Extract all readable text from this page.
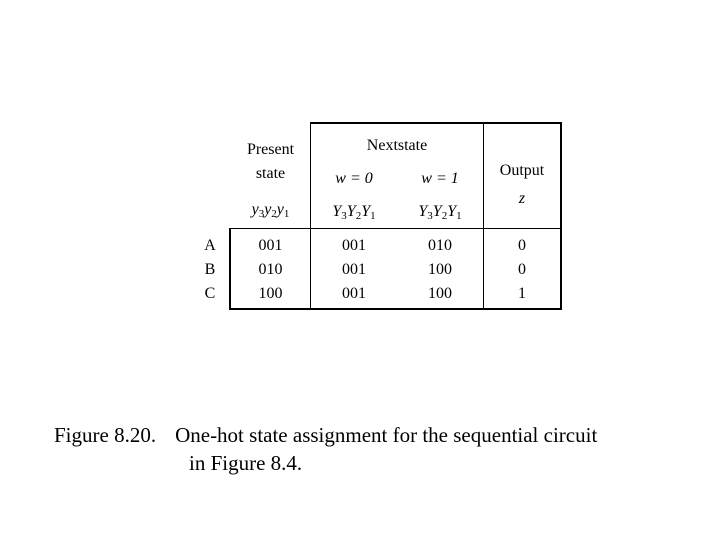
Present
state
$y_3y_2y_1$
Nextstate
w = 0	w = 1
$Y_3Y_2Y_1$	$Y_3Y_2Y_1$
Output
z
A	001	001	010	0
B	010	001	100	0
C	100	001	100	1
Figure 8.20. One-hot state assignment for the sequential circuit
in Figure 8.4.
